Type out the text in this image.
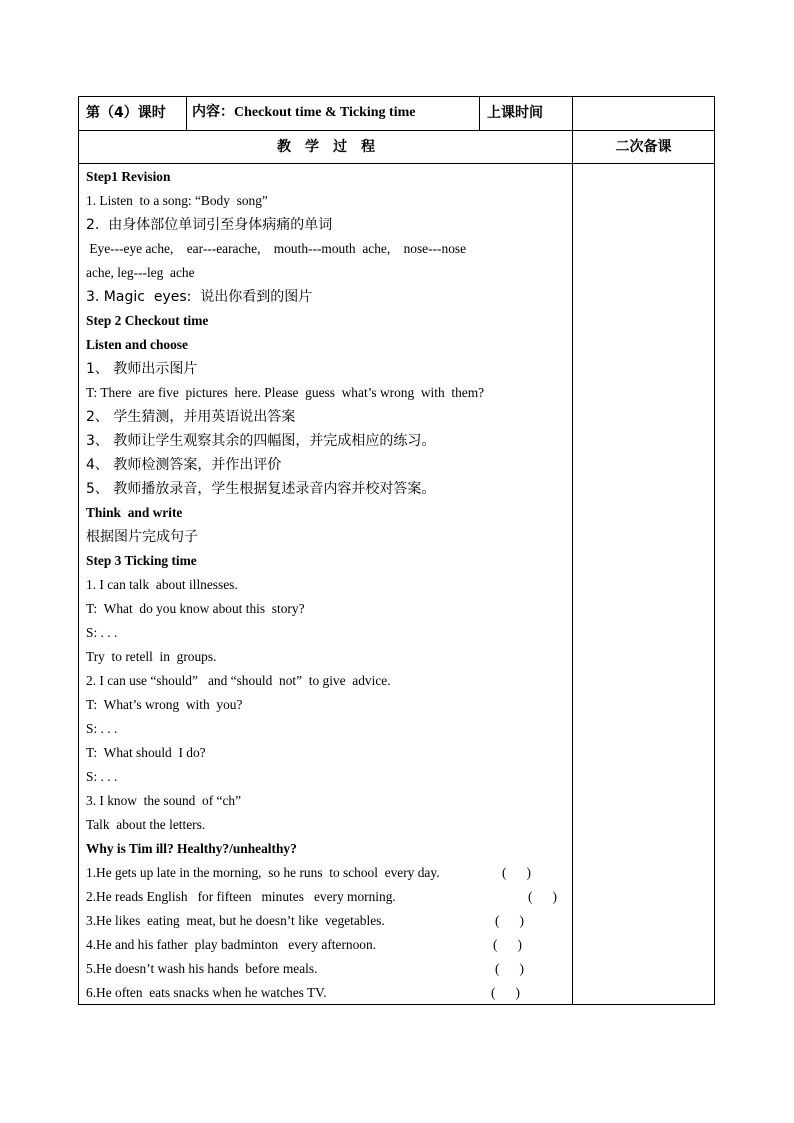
第（4）课时 内容：Checkout time & Ticking time	上课时间
教　学　过　程	二次备课
Step1 Revision
1. Listen  to a song: “Body  song”
2.  由身体部位单词引至身体病痛的单词
Eye---eye ache,    ear---earache,    mouth---mouth  ache,    nose---nose
ache, leg---leg  ache
3. Magic  eyes:  说出你看到的图片
Step 2 Checkout time
Listen and choose
1、 教师出示图片
T: There  are five  pictures  here. Please  guess  what’s wrong  with  them?
2、 学生猜测，并用英语说出答案
3、 教师让学生观察其余的四幅图，并完成相应的练习。
4、 教师检测答案，并作出评价
5、 教师播放录音，学生根据复述录音内容并校对答案。
Think  and write
根据图片完成句子
Step 3 Ticking time
1. I can talk  about illnesses.
T:  What  do you know about this  story?
S: . . .
Try  to retell  in  groups.
2. I can use “should”   and “should  not”  to give  advice.
T:  What’s wrong  with  you?
S: . . .
T:  What should  I do?
S: . . .
3. I know  the sound  of “ch”
Talk  about the letters.
Why is Tim ill? Healthy?/unhealthy?
1.He gets up late in the morning,  so he runs  to school  every day.
2.He reads English   for fifteen   minutes   every morning.
3.He likes  eating  meat, but he doesn’t like  vegetables.
4.He and his father  play badminton   every afternoon.
5.He doesn’t wash his hands  before meals.
6.He often  eats snacks when he watches TV.
(      )
(      )
(      )
(      )
(      )
(      )
